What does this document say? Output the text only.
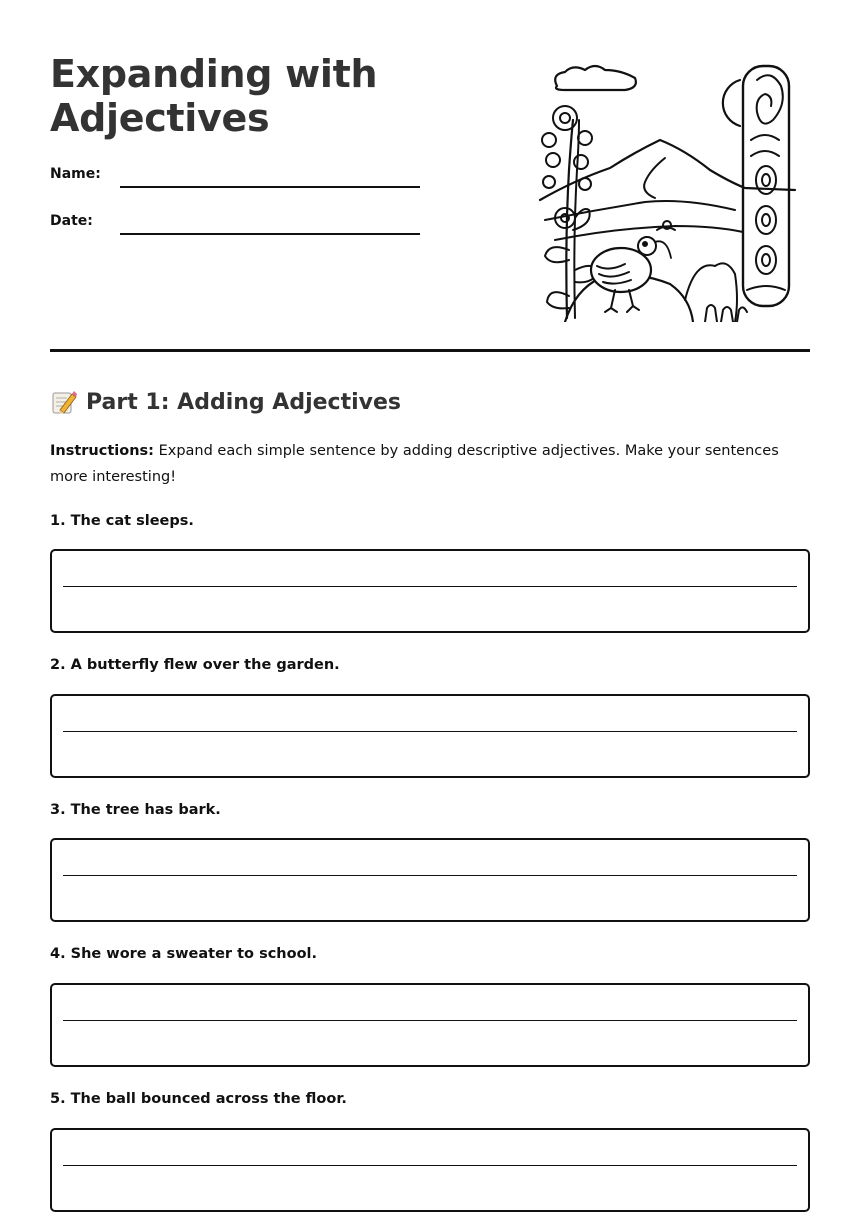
Expanding with
Adjectives
Name:
Date:
Part 1: Adding Adjectives

Instructions: Expand each simple sentence by adding descriptive adjectives. Make your sentences more interesting!

1. The cat sleeps.
2. A butterfly flew over the garden.
3. The tree has bark.
4. She wore a sweater to school.
5. The ball bounced across the floor.
